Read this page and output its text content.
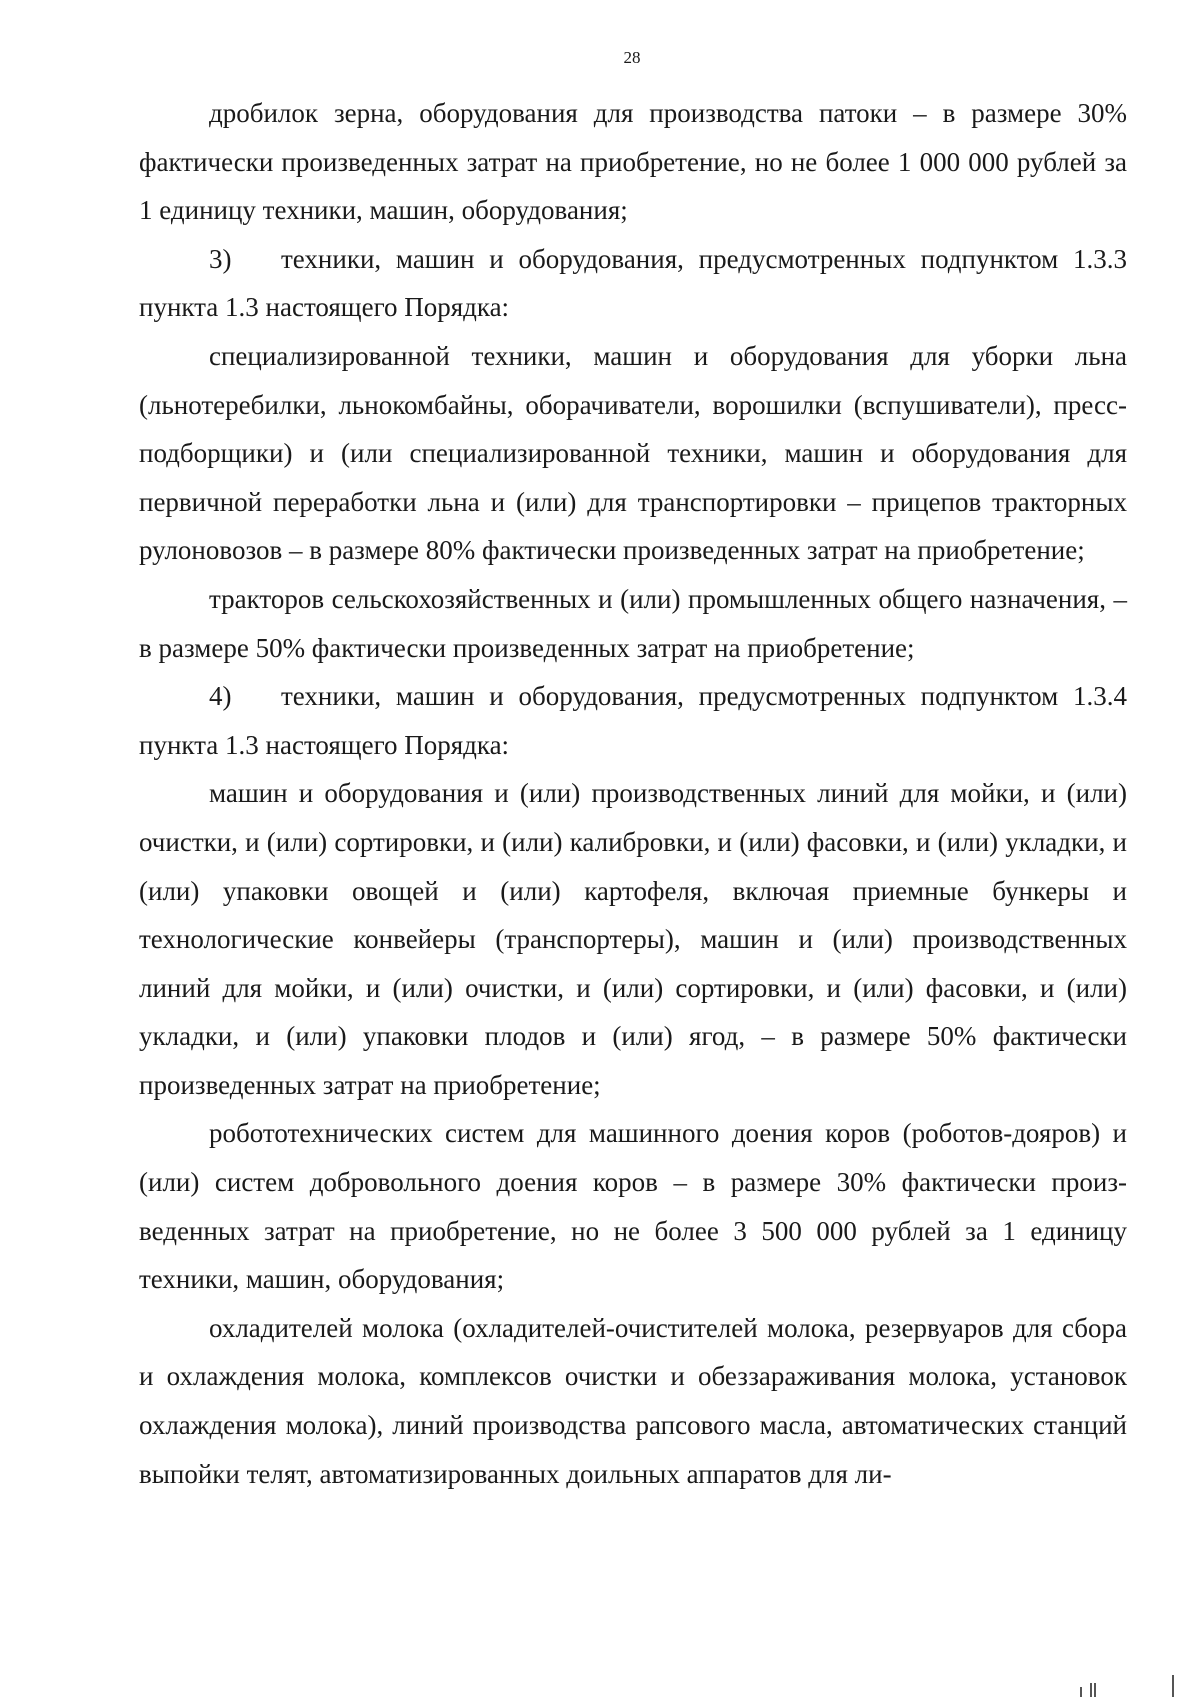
28

дробилок зерна, оборудования для производства патоки – в размере 30% фактически произведенных затрат на приобретение, но не более 1 000 000 рублей за 1 единицу техники, машин, оборудования;

3) техники, машин и оборудования, предусмотренных подпунктом 1.3.3 пункта 1.3 настоящего Порядка:

специализированной техники, машин и оборудования для уборки льна (льнотеребилки, льнокомбайны, оборачиватели, ворошилки (вспушиватели), пресс-подборщики) и (или специализированной техники, машин и оборудования для первичной переработки льна и (или) для транспортировки – прицепов тракторных рулоновозов – в размере 80% фактически произведенных затрат на приобретение;

тракторов сельскохозяйственных и (или) промышленных общего назначения, – в размере 50% фактически произведенных затрат на приобретение;

4) техники, машин и оборудования, предусмотренных подпунктом 1.3.4 пункта 1.3 настоящего Порядка:

машин и оборудования и (или) производственных линий для мойки, и (или) очистки, и (или) сортировки, и (или) калибровки, и (или) фасовки, и (или) укладки, и (или) упаковки овощей и (или) картофеля, включая приемные бункеры и технологические конвейеры (транспортеры), машин и (или) производственных линий для мойки, и (или) очистки, и (или) сортировки, и (или) фасовки, и (или) укладки, и (или) упаковки плодов и (или) ягод, – в размере 50% фактически произведенных затрат на приобретение;

робототехнических систем для машинного доения коров (роботов-дояров) и (или) систем добровольного доения коров – в размере 30% фактически произведенных затрат на приобретение, но не более 3 500 000 рублей за 1 единицу техники, машин, оборудования;

охладителей молока (охладителей-очистителей молока, резервуаров для сбора и охлаждения молока, комплексов очистки и обеззараживания молока, установок охлаждения молока), линий производства рапсового масла, автоматических станций выпойки телят, автоматизированных доильных аппаратов для ли-
